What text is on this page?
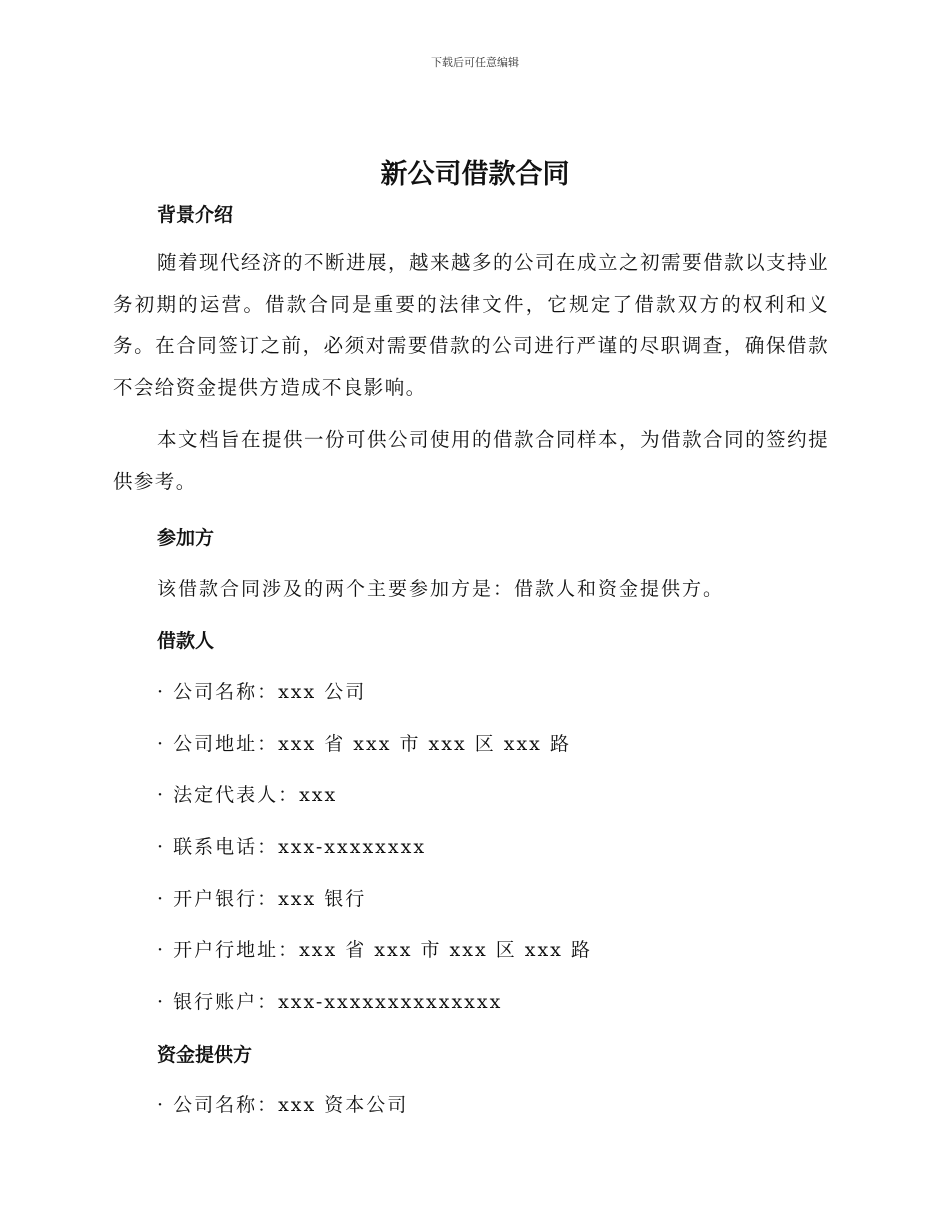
下载后可任意编辑
新公司借款合同
背景介绍
随着现代经济的不断进展，越来越多的公司在成立之初需要借款以支持业务初期的运营。借款合同是重要的法律文件，它规定了借款双方的权利和义务。在合同签订之前，必须对需要借款的公司进行严谨的尽职调查，确保借款不会给资金提供方造成不良影响。
本文档旨在提供一份可供公司使用的借款合同样本，为借款合同的签约提供参考。
参加方
该借款合同涉及的两个主要参加方是：借款人和资金提供方。
借款人
· 公司名称：xxx 公司
· 公司地址：xxx 省 xxx 市 xxx 区 xxx 路
· 法定代表人：xxx
· 联系电话：xxx-xxxxxxxx
· 开户银行：xxx 银行
· 开户行地址：xxx 省 xxx 市 xxx 区 xxx 路
· 银行账户：xxx-xxxxxxxxxxxxxx
资金提供方
· 公司名称：xxx 资本公司
